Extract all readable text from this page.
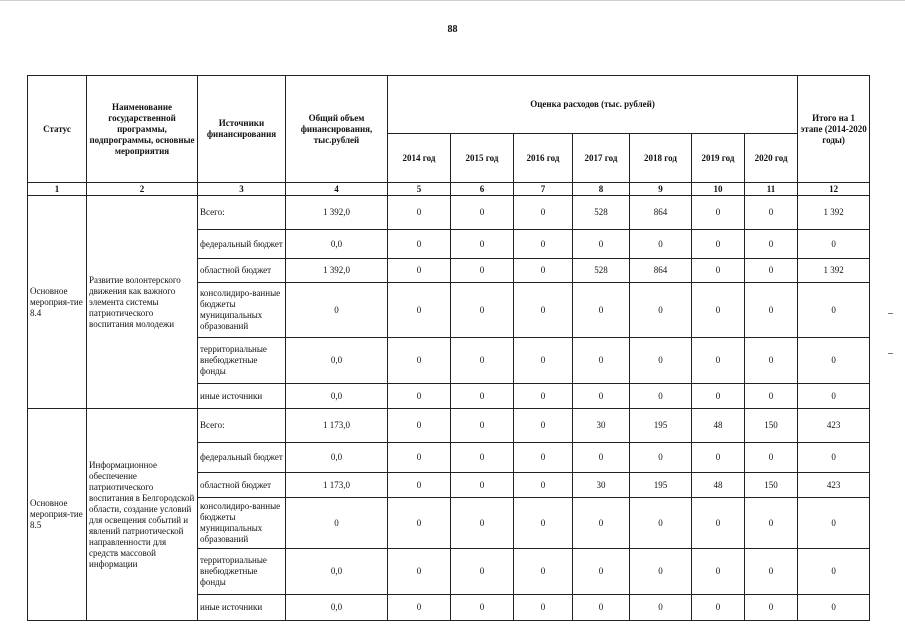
88
Статус	Наименование государственной программы, подпрограммы, основные мероприятия	Источники финансирования	Общий объем финансирования, тыс.рублей	Оценка расходов (тыс. рублей)							Итого на 1 этапе (2014-2020 годы)
				2014 год	2015 год	2016 год	2017 год	2018 год	2019 год	2020 год	
1	2	3	4	5	6	7	8	9	10	11	12
Основное мероприя-тие 8.4	Развитие волонтерского движения как важного элемента системы патриотического воспитания молодежи	Всего:	1 392,0	0	0	0	528	864	0	0	1 392
		федеральный бюджет	0,0	0	0	0	0	0	0	0	0
		областной бюджет	1 392,0	0	0	0	528	864	0	0	1 392
		консолидиро-ванные бюджеты муниципальных образований	0	0	0	0	0	0	0	0	0
		территориальные внебюджетные фонды	0,0	0	0	0	0	0	0	0	0
		иные источники	0,0	0	0	0	0	0	0	0	0
Основное мероприя-тие 8.5	Информационное обеспечение патриотического воспитания в Белгородской области, создание условий для освещения событий и явлений патриотической направленности для средств массовой информации	Всего:	1 173,0	0	0	0	30	195	48	150	423
		федеральный бюджет	0,0	0	0	0	0	0	0	0	0
		областной бюджет	1 173,0	0	0	0	30	195	48	150	423
		консолидиро-ванные бюджеты муниципальных образований	0	0	0	0	0	0	0	0	0
		территориальные внебюджетные фонды	0,0	0	0	0	0	0	0	0	0
		иные источники	0,0	0	0	0	0	0	0	0	0
